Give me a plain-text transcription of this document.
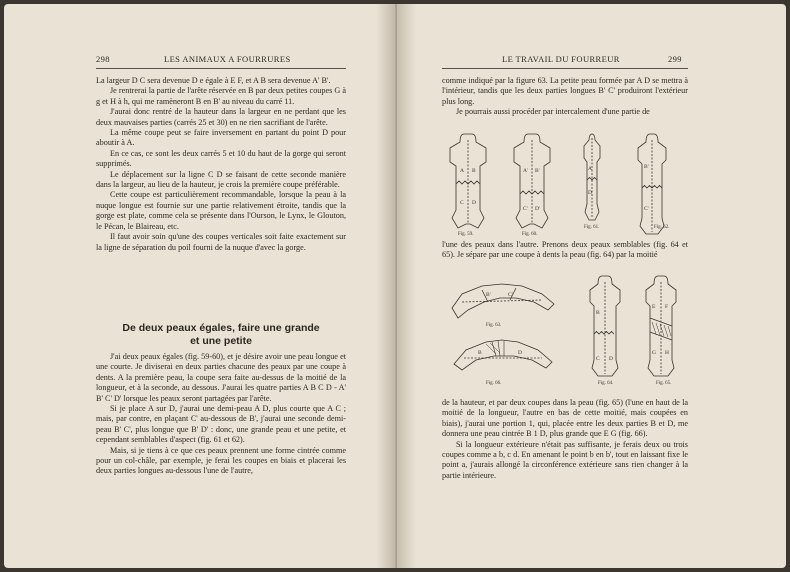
298	LES ANIMAUX A FOURRURES

La largeur D C sera devenue D e égale à E F, et A B sera devenue A' B'.

Je rentrerai la partie de l'arête réservée en B par deux petites coupes G à g et H à h, qui me ramèneront B en B' au niveau du carré 11.

J'aurai donc rentré de la hauteur dans la largeur en ne perdant que les deux mauvaises parties (carrés 25 et 30) en ne rien sacrifiant de l'arête.

La même coupe peut se faire inversement en partant du point D pour aboutir à A.

En ce cas, ce sont les deux carrés 5 et 10 du haut de la gorge qui seront supprimés.

Le déplacement sur la ligne C D se faisant de cette seconde manière dans la largeur, au lieu de la hauteur, je crois la première coupe préférable.

Cette coupe est particulièrement recommandable, lorsque la peau à la nuque longue est fournie sur une partie relativement étroite, tandis que la gorge est plate, comme cela se présente dans l'Ourson, le Lynx, le Glouton, le Pécan, le Blaireau, etc.

Il faut avoir soin qu'une des coupes verticales soit faite exactement sur la ligne de séparation du poil fourni de la nuque d'avec la gorge.

De deux peaux égales, faire une grande
et une petite

J'ai deux peaux égales (fig. 59-60), et je désire avoir une peau longue et une courte. Je diviserai en deux parties chacune des peaux par une coupe à dents. A la première peau, la coupe sera faite au-dessus de la moitié de la longueur, et à la seconde, au dessous. J'aurai les quatre parties A B C D - A' B' C' D' lorsque les peaux seront partagées par l'arête.

Si je place A sur D, j'aurai une demi-peau A D, plus courte que A C ; mais, par contre, en plaçant C' au-dessous de B', j'aurai une seconde demi-peau B' C', plus longue que B' D' : donc, une grande peau et une petite, et cependant semblables d'aspect (fig. 61 et 62).

Mais, si je tiens à ce que ces peaux prennent une forme cintrée comme pour un col-châle, par exemple, je ferai les coupes en biais et placerai les deux parties longues au-dessous l'une de l'autre,

LE TRAVAIL DU FOURREUR	299

comme indiqué par la figure 63. La petite peau formée par A D se mettra à l'intérieur, tandis que les deux parties longues B' C' produiront l'extérieur plus long.

Je pourrais aussi procéder par intercalement d'une partie de

A B
C D
A' B'
C' D'
A
D
B'
C'
Fig. 59.	Fig. 60.
Fig. 61.	Fig. 62.

l'une des peaux dans l'autre. Prenons deux peaux semblables (fig. 64 et 65). Je sépare par une coupe à dents la peau (fig. 64) par la moitié

B'	C'
B	D
B
C D
E F
G H
Fig. 63.
Fig. 66.	Fig. 64.	Fig. 65.

de la hauteur, et par deux coupes dans la peau (fig. 65) (l'une en haut de la moitié de la longueur, l'autre en bas de cette moitié, mais coupées en biais), j'aurai une portion 1, qui, placée entre les deux parties B et D, me donnera une peau cintrée B 1 D, plus grande que E G (fig. 66).

Si la longueur extérieure n'était pas suffisante, je ferais deux ou trois coupes comme a b, c d. En amenant le point b en b', tout en laissant fixe le point a, j'aurais allongé la circonférence extérieure sans rien changer à la partie intérieure.
